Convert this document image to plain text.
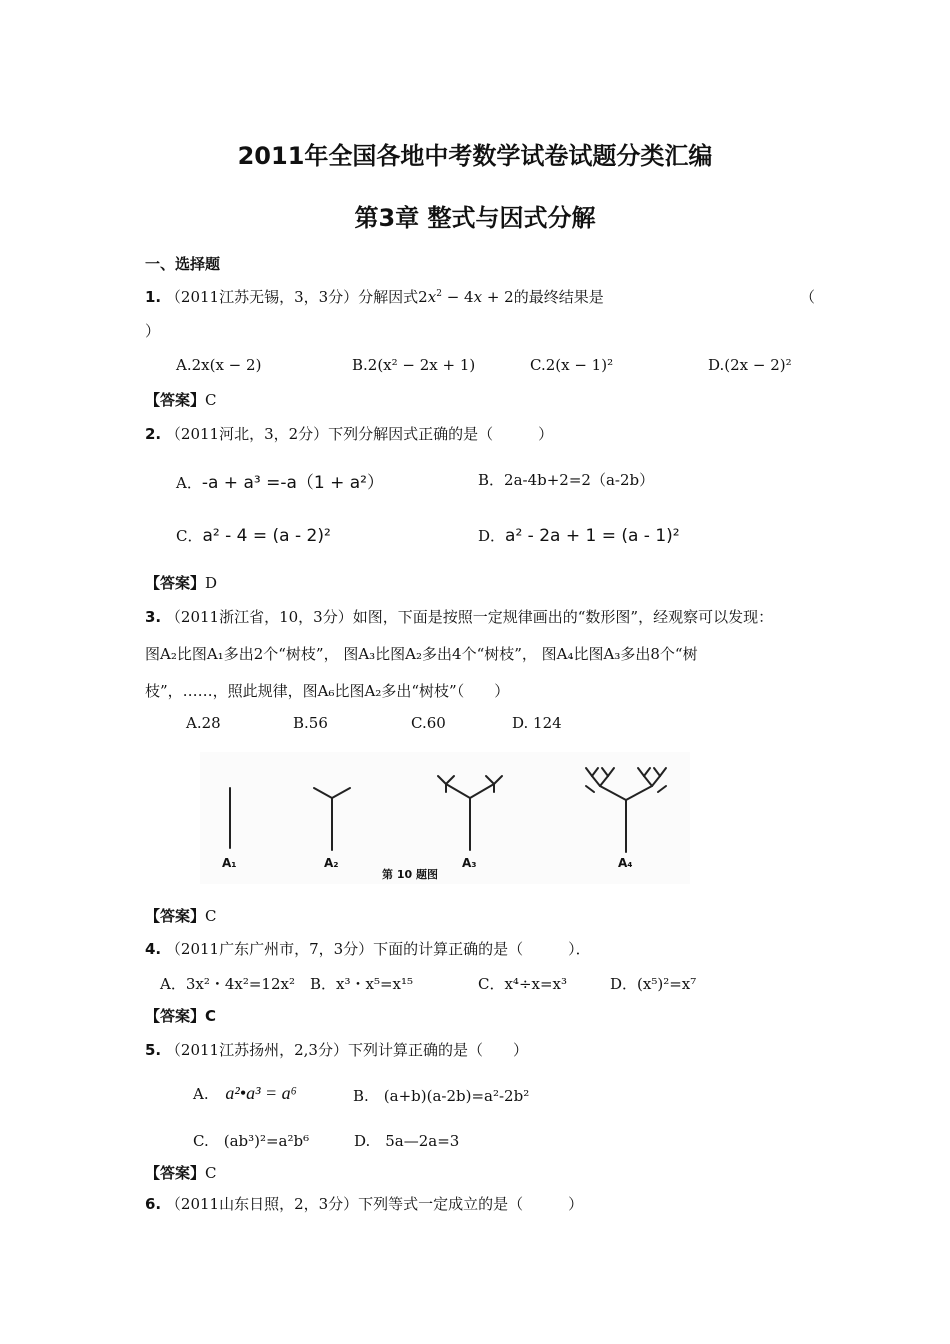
2011年全国各地中考数学试卷试题分类汇编
第3章 整式与因式分解
一、选择题
1. （2011江苏无锡，3，3分）分解因式$2x^2 - 4x + 2$的最终结果是	（
）
A.2x(x − 2)	B.2(x² − 2x + 1)	C.2(x − 1)²	D.(2x − 2)²
【答案】C
2. （2011河北，3，2分）下列分解因式正确的是（　　　）
A．-a + a³ =-a（1 + a²）	B．2a-4b+2=2（a-2b）
C．a² - 4 = (a - 2)²	D．a² - 2a + 1 = (a - 1)²
【答案】D
3. （2011浙江省，10，3分）如图，下面是按照一定规律画出的“数形图”，经观察可以发现：
图A₂比图A₁多出2个“树枝”， 图A₃比图A₂多出4个“树枝”， 图A₄比图A₃多出8个“树
枝”，……，照此规律，图A₆比图A₂多出“树枝”（　　）
A.28	B.56	C.60	D. 124
A₁	A₂	A₃	A₄
第 10 题图
【答案】C
4. （2011广东广州市，7，3分）下面的计算正确的是（　　　）．
A．3x²・4x²=12x² B．x³・x⁵=x¹⁵	C．x⁴÷x=x³	D．(x⁵)²=x⁷
【答案】C
5. （2011江苏扬州，2,3分）下列计算正确的是（　　）
A. a²•a³ = a⁶	B.　(a+b)(a-2b)=a²-2b²
C.　(ab³)²=a²b⁶	D.　5a—2a=3
【答案】C
6. （2011山东日照，2，3分）下列等式一定成立的是（　　　）
